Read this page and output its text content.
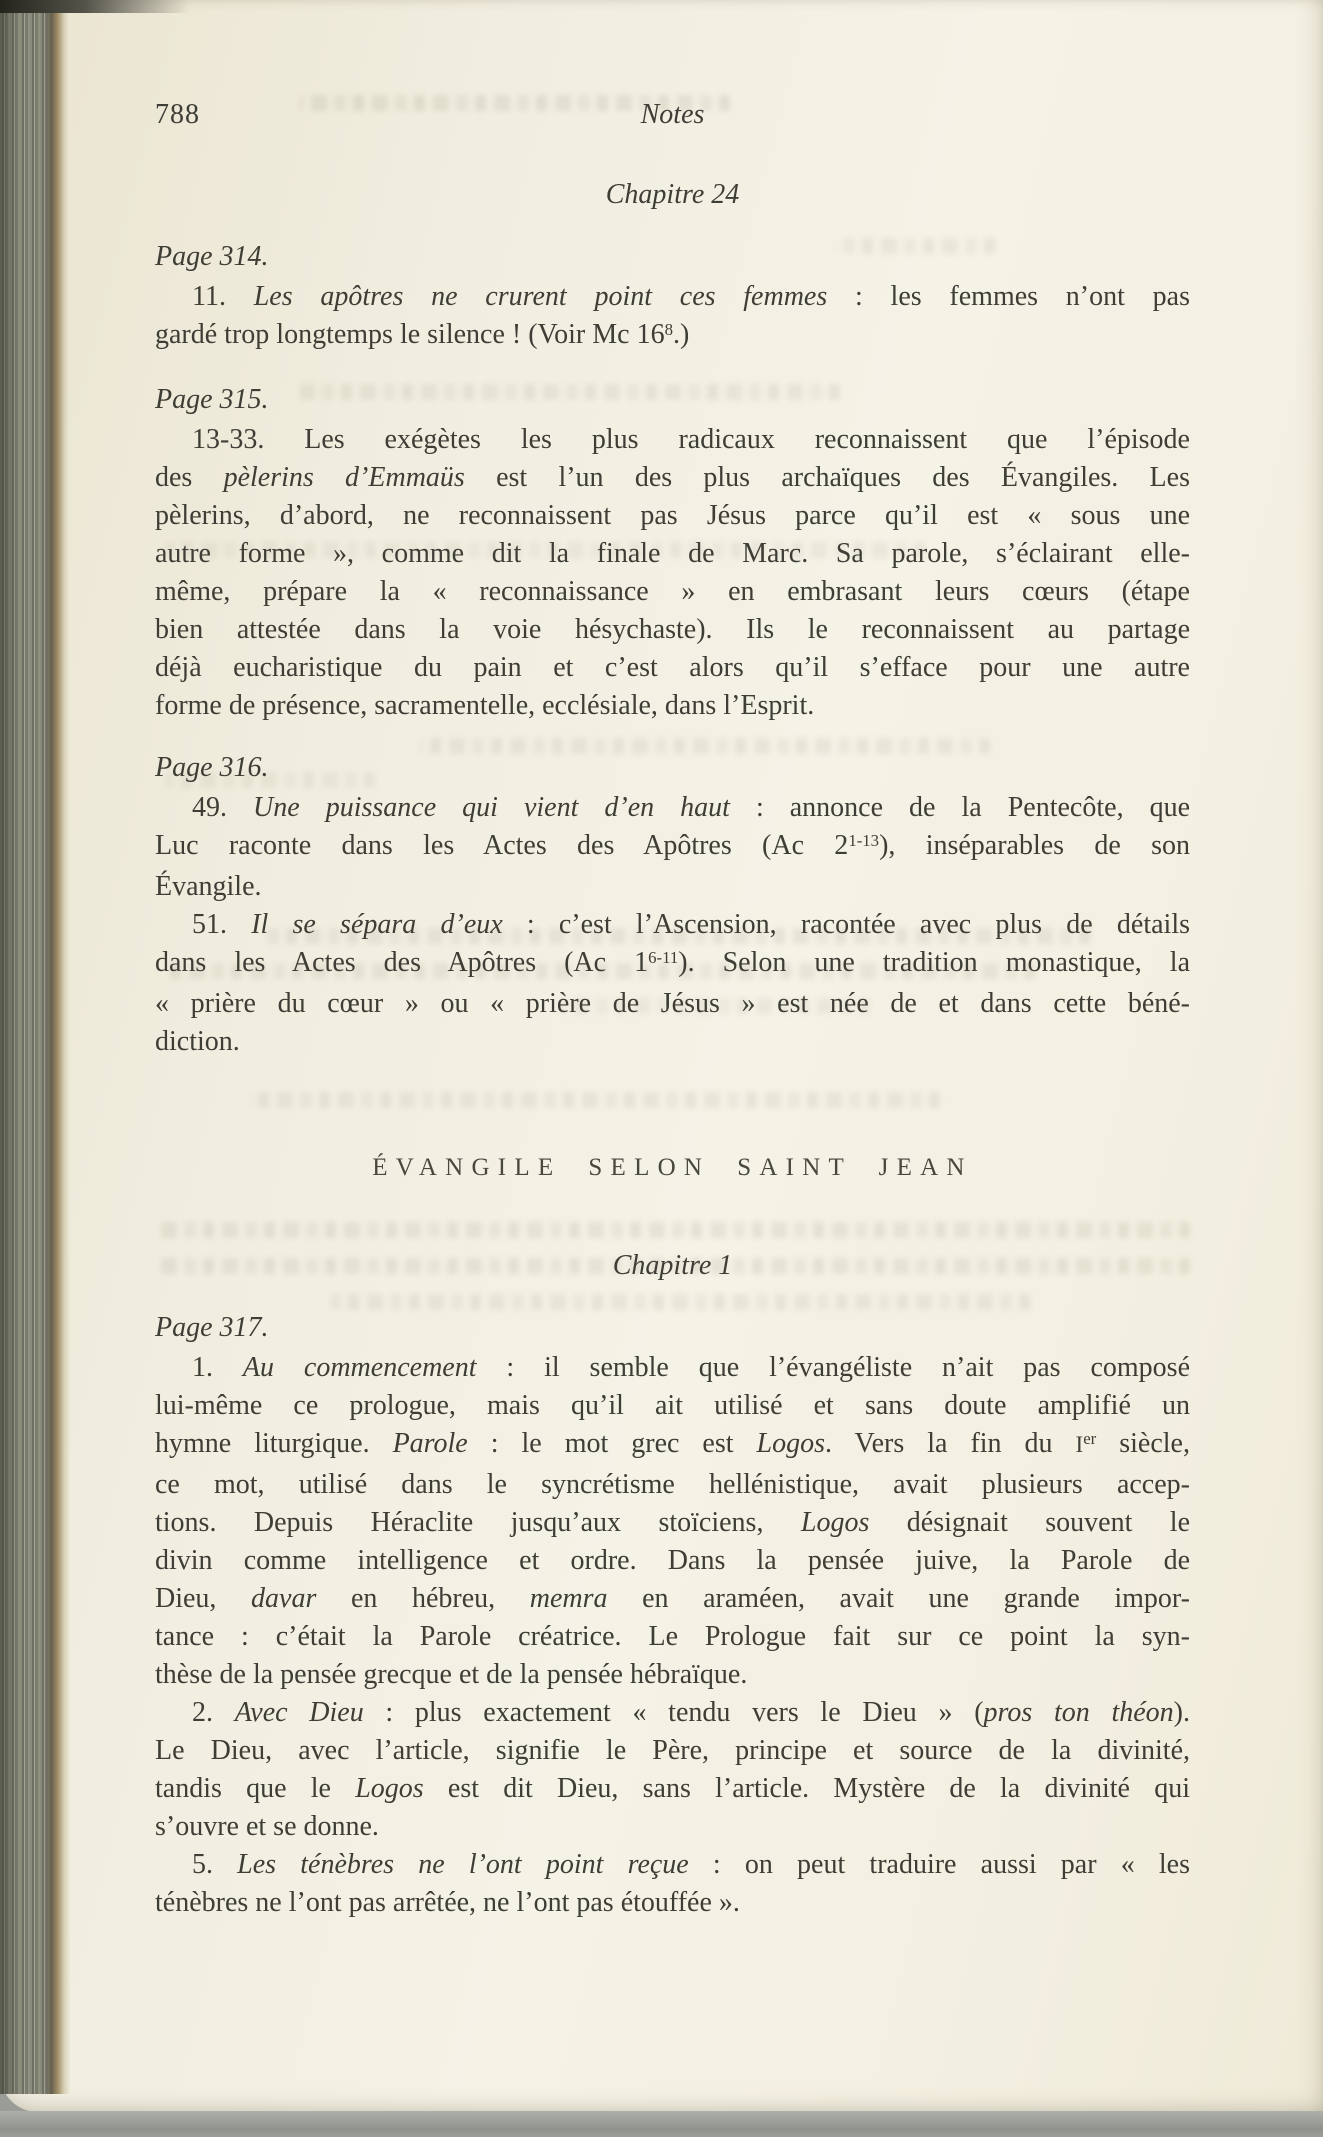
788	Notes
Chapitre 24
Page 314.
11. Les apôtres ne crurent point ces femmes : les femmes n’ont pas
gardé trop longtemps le silence ! (Voir Mc $16^8$.)
Page 315.
13-33. Les exégètes les plus radicaux reconnaissent que l’épisode
des pèlerins d’Emmaüs est l’un des plus archaïques des Évangiles. Les
pèlerins, d’abord, ne reconnaissent pas Jésus parce qu’il est « sous une
autre forme », comme dit la finale de Marc. Sa parole, s’éclairant elle-
même, prépare la « reconnaissance » en embrasant leurs cœurs (étape
bien attestée dans la voie hésychaste). Ils le reconnaissent au partage
déjà eucharistique du pain et c’est alors qu’il s’efface pour une autre
forme de présence, sacramentelle, ecclésiale, dans l’Esprit.
Page 316.
49. Une puissance qui vient d’en haut : annonce de la Pentecôte, que
Luc raconte dans les Actes des Apôtres (Ac 2$^{1-13}$), inséparables de son
Évangile.
51. Il se sépara d’eux : c’est l’Ascension, racontée avec plus de détails
dans les Actes des Apôtres (Ac 1$^{6-11}$). Selon une tradition monastique, la
« prière du cœur » ou « prière de Jésus » est née de et dans cette béné-
diction.
ÉVANGILE SELON SAINT JEAN
Chapitre 1
Page 317.
1. Au commencement : il semble que l’évangéliste n’ait pas composé
lui-même ce prologue, mais qu’il ait utilisé et sans doute amplifié un
hymne liturgique. Parole : le mot grec est Logos. Vers la fin du Ier siècle,
ce mot, utilisé dans le syncrétisme hellénistique, avait plusieurs accep-
tions. Depuis Héraclite jusqu’aux stoïciens, Logos désignait souvent le
divin comme intelligence et ordre. Dans la pensée juive, la Parole de
Dieu, davar en hébreu, memra en araméen, avait une grande impor-
tance : c’était la Parole créatrice. Le Prologue fait sur ce point la syn-
thèse de la pensée grecque et de la pensée hébraïque.
2. Avec Dieu : plus exactement « tendu vers le Dieu » (pros ton théon).
Le Dieu, avec l’article, signifie le Père, principe et source de la divinité,
tandis que le Logos est dit Dieu, sans l’article. Mystère de la divinité qui
s’ouvre et se donne.
5. Les ténèbres ne l’ont point reçue : on peut traduire aussi par « les
ténèbres ne l’ont pas arrêtée, ne l’ont pas étouffée ».
